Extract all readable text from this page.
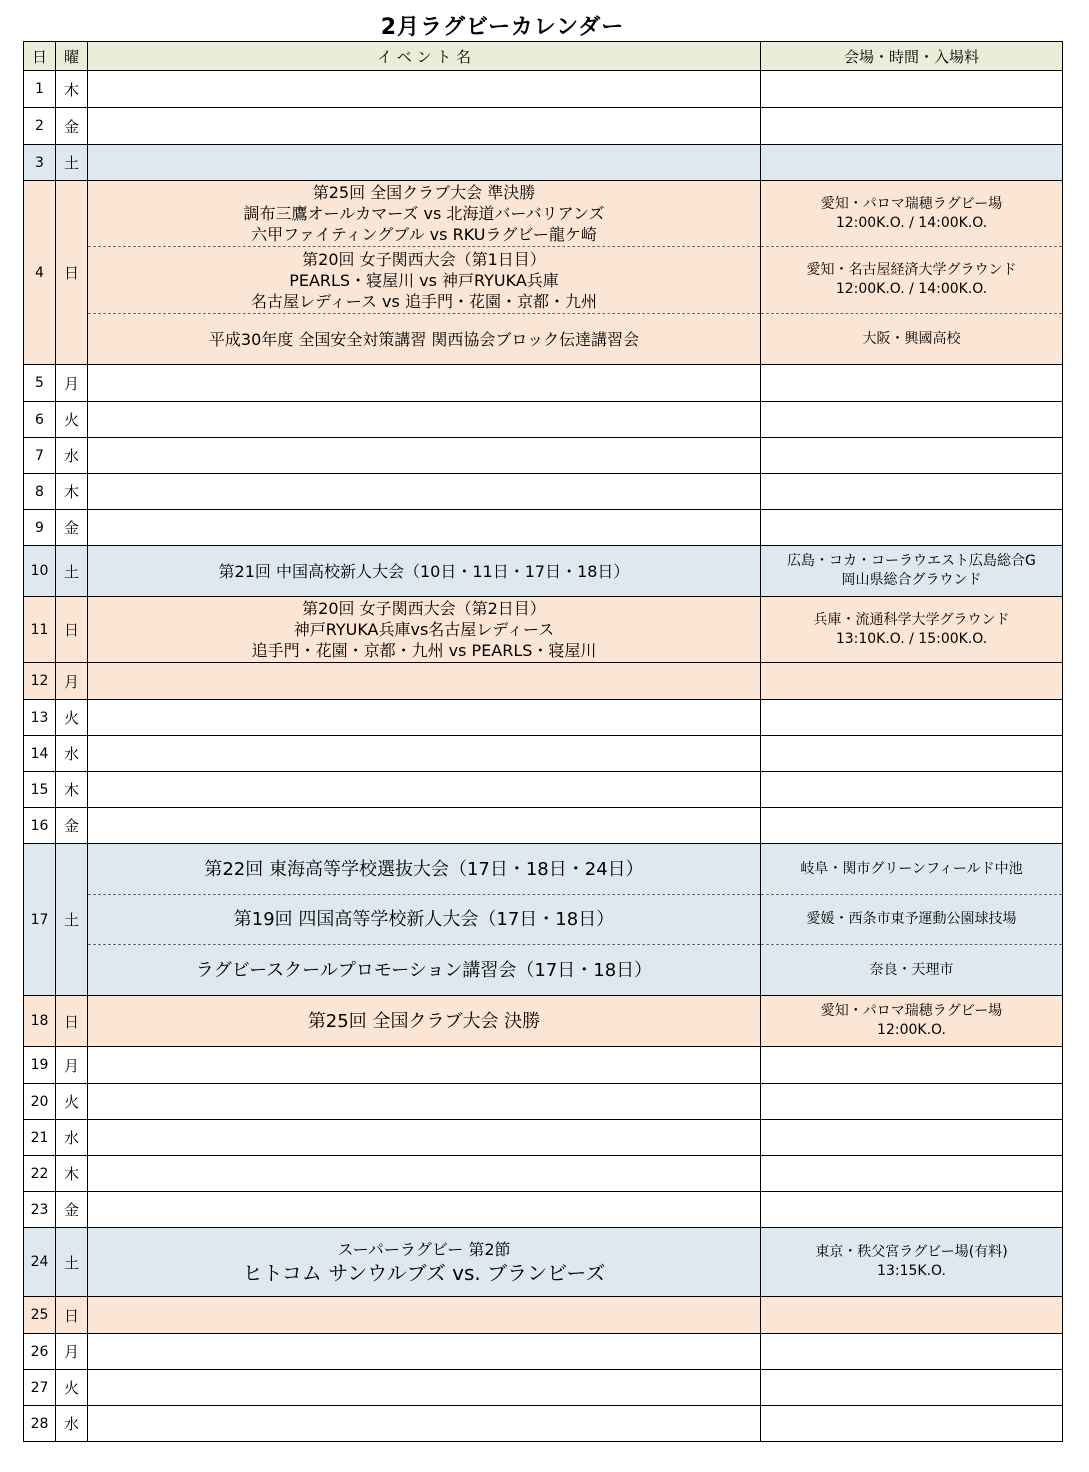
2月ラグビーカレンダー
日	曜	イ ベ ン ト 名	会場・時間・入場料
1	木		
2	金		
3	土		
4	日	第25回 全国クラブ大会 準決勝
調布三鷹オールカマーズ vs 北海道バーバリアンズ
六甲ファイティングブル vs RKUラグビー龍ケ崎	愛知・パロマ瑞穂ラグビー場
12:00K.O. / 14:00K.O.

		第20回 女子関西大会（第1日目）
PEARLS・寝屋川 vs 神戸RYUKA兵庫
名古屋レディース vs 追手門・花園・京都・九州	愛知・名古屋経済大学グラウンド
12:00K.O. / 14:00K.O.

		平成30年度 全国安全対策講習 関西協会ブロック伝達講習会	大阪・興國高校

5	月		
6	火		
7	水		
8	木		
9	金		
10	土	第21回 中国高校新人大会（10日・11日・17日・18日）	広島・コカ・コーラウエスト広島総合G
岡山県総合グラウンド

11	日	第20回 女子関西大会（第2日目）
神戸RYUKA兵庫vs名古屋レディース
追手門・花園・京都・九州 vs PEARLS・寝屋川	兵庫・流通科学大学グラウンド
13:10K.O. / 15:00K.O.

12	月		
13	火		
14	水		
15	木		
16	金		
17	土	第22回 東海高等学校選抜大会（17日・18日・24日）	岐阜・関市グリーンフィールド中池

		第19回 四国高等学校新人大会（17日・18日）	愛媛・西条市東予運動公園球技場

		ラグビースクールプロモーション講習会（17日・18日）	奈良・天理市

18	日	第25回 全国クラブ大会 決勝	愛知・パロマ瑞穂ラグビー場
12:00K.O.

19	月		
20	火		
21	水		
22	木		
23	金		
24	土	スーパーラグビー 第2節
ヒトコム サンウルブズ vs. ブランビーズ	東京・秩父宮ラグビー場(有料)
13:15K.O.

25	日		
26	月		
27	火		
28	水		
